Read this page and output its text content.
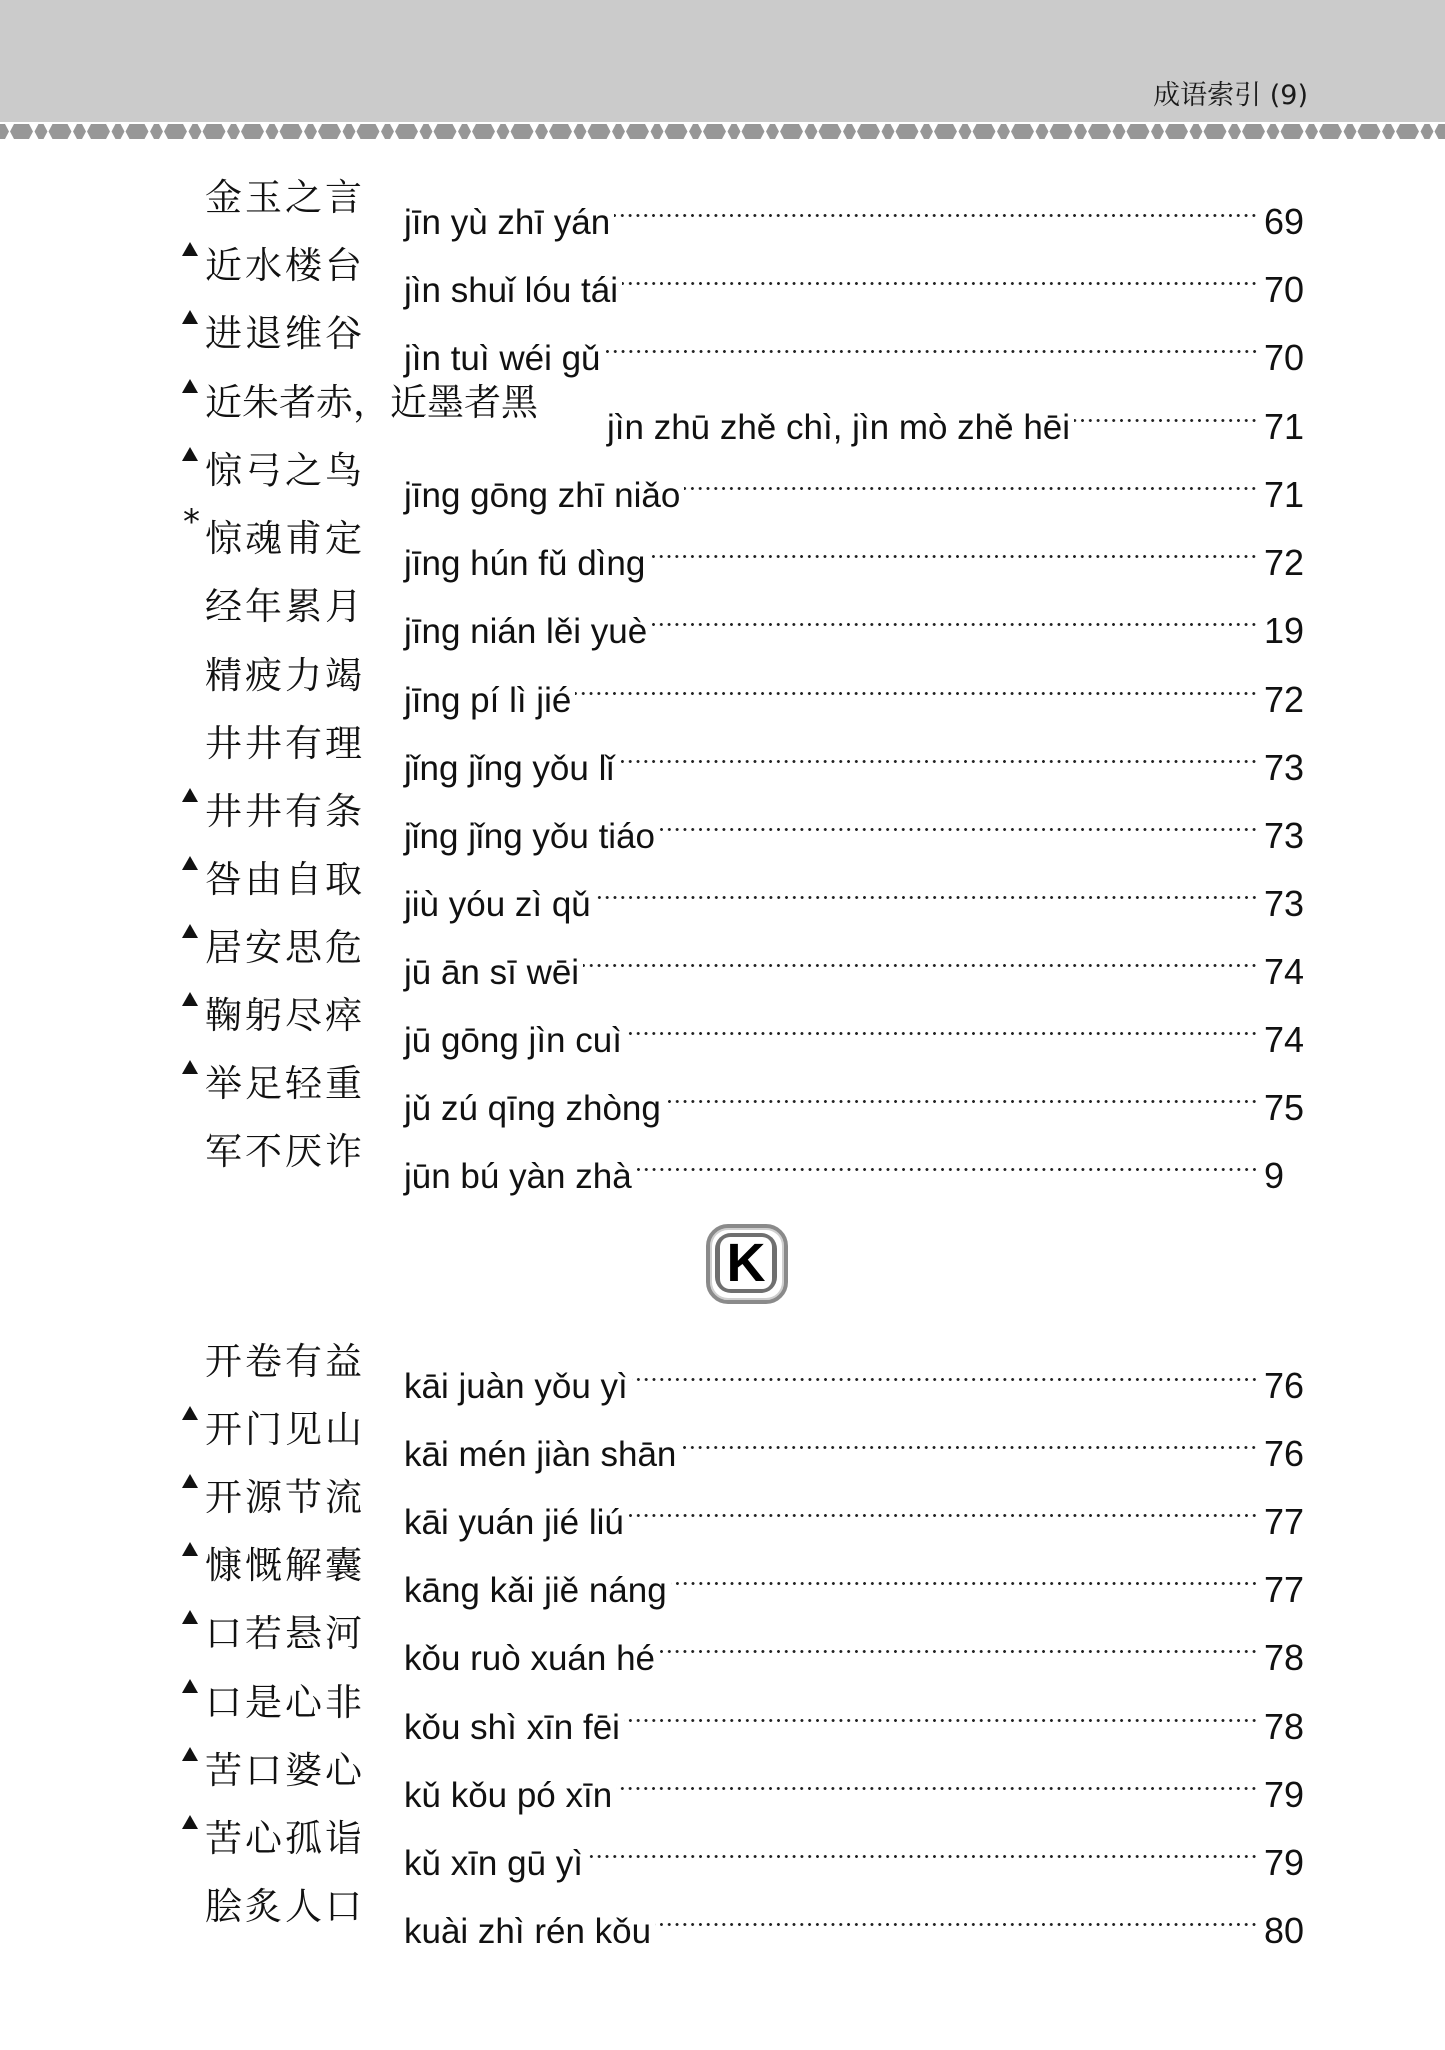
成语索引 (9)
金玉之言
jīn yù zhī yán	69
近水楼台
jìn shuǐ lóu tái	70
进退维谷
jìn tuì wéi gǔ	70
近朱者赤，近墨者黑
jìn zhū zhě chì, jìn mò zhě hēi	71
惊弓之鸟
jīng gōng zhī niǎo	71
* 惊魂甫定
jīng hún fǔ dìng	72
经年累月
jīng nián lěi yuè	19
精疲力竭
jīng pí lì jié	72
井井有理
jǐng jǐng yǒu lǐ	73
井井有条
jǐng jǐng yǒu tiáo	73
咎由自取
jiù yóu zì qǔ	73
居安思危
jū ān sī wēi	74
鞠躬尽瘁
jū gōng jìn cuì	74
举足轻重
jǔ zú qīng zhòng	75
军不厌诈
jūn bú yàn zhà	9
K
开卷有益
kāi juàn yǒu yì	76
开门见山
kāi mén jiàn shān	76
开源节流
kāi yuán jié liú	77
慷慨解囊
kāng kǎi jiě náng	77
口若悬河
kǒu ruò xuán hé	78
口是心非
kǒu shì xīn fēi	78
苦口婆心
kǔ kǒu pó xīn	79
苦心孤诣
kǔ xīn gū yì	79
脍炙人口
kuài zhì rén kǒu	80
